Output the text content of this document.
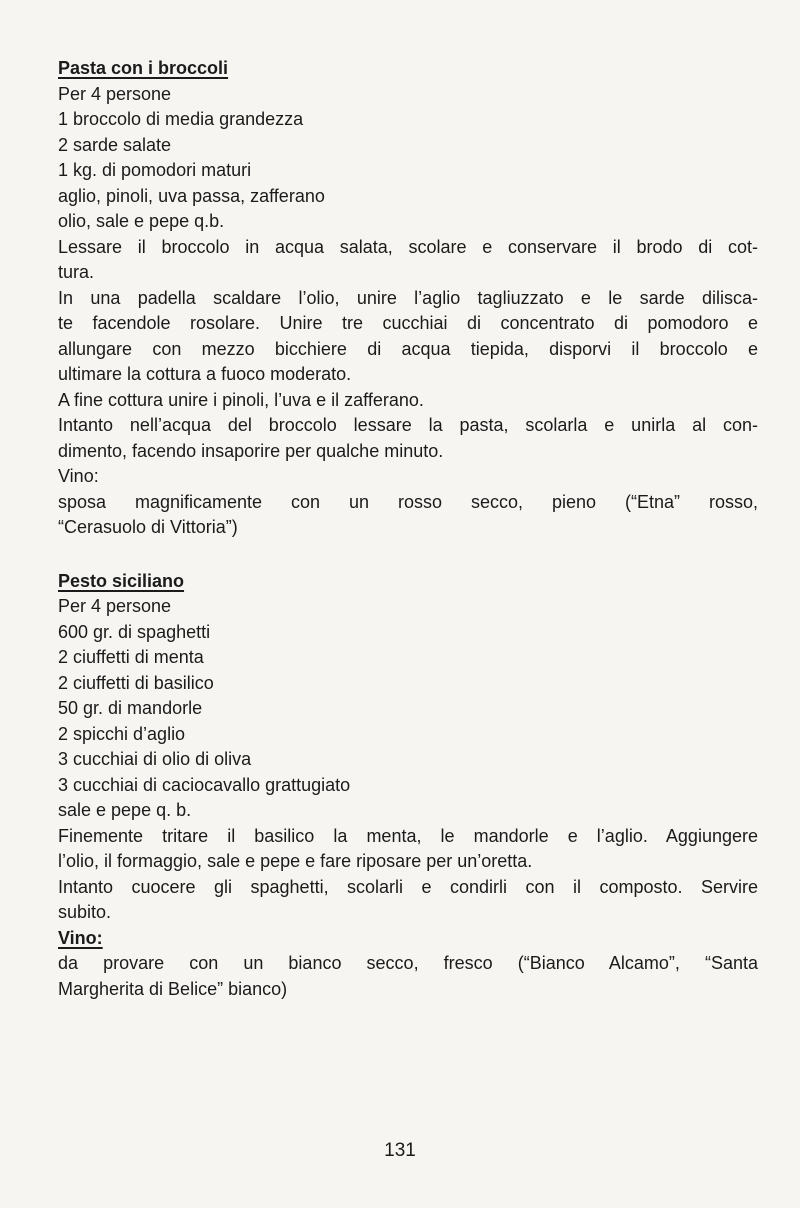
Pasta con i broccoli

Per 4 persone

1 broccolo di media grandezza

2 sarde salate

1 kg. di pomodori maturi

aglio, pinoli, uva passa, zafferano

olio, sale e pepe q.b.

Lessare il broccolo in acqua salata, scolare e conservare il brodo di cot-

tura.

In una padella scaldare l’olio, unire l’aglio tagliuzzato e le sarde dilisca-

te facendole rosolare. Unire tre cucchiai di concentrato di pomodoro e

allungare con mezzo bicchiere di acqua tiepida, disporvi il broccolo e

ultimare la cottura a fuoco moderato.

A fine cottura unire i pinoli, l’uva e il zafferano.

Intanto nell’acqua del broccolo lessare la pasta, scolarla e unirla al con-

dimento, facendo insaporire per qualche minuto.

Vino:

sposa magnificamente con un rosso secco, pieno (“Etna” rosso,

“Cerasuolo di Vittoria”)

Pesto siciliano

Per 4 persone

600 gr. di spaghetti

2 ciuffetti di menta

2 ciuffetti di basilico

50 gr. di mandorle

2 spicchi d’aglio

3 cucchiai di olio di oliva

3 cucchiai di caciocavallo grattugiato

sale e pepe q. b.

Finemente tritare il basilico la menta, le mandorle e l’aglio. Aggiungere

l’olio, il formaggio, sale e pepe e fare riposare per un’oretta.

Intanto cuocere gli spaghetti, scolarli e condirli con il composto. Servire

subito.

Vino:

da provare con un bianco secco, fresco (“Bianco Alcamo”, “Santa

Margherita di Belice” bianco)

131
